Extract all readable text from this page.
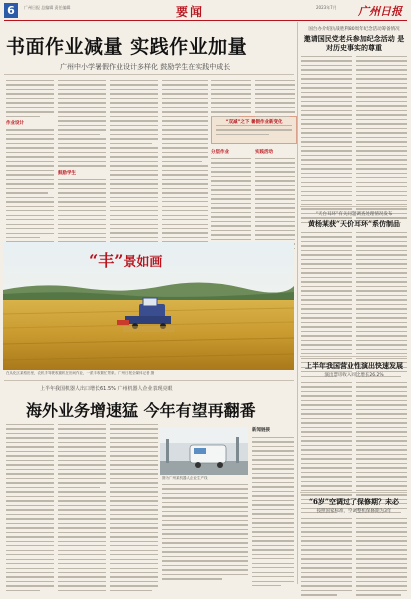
6	广州日报 总编辑 责任编辑	要闻	2023年7月	广州日报
书面作业减量 实践作业加量
广州中小学暑假作业设计多样化 鼓励学生在实践中成长
作业设计
鼓励学生
“双减”之下 暑假作业新变化
分层作业	实践活动
“丰”景如画
在从化区某稻田里，农机手驾驶收割机在田间作业，一派丰收繁忙景象。广州日报全媒体记者 摄
上半年我国机器人出口增长61.5% 广州机器人企业表现亮眼
海外业务增速猛 今年有望再翻番
图为广州某机器人企业生产线
新闻链接
国台办介绍抗战胜利80周年纪念活动筹备情况
邀请国民党老兵参加纪念活动 是对历史事实的尊重
“天台耳环”有关问题调查处理情况发布
黄杨某获“天价耳环”系仿制品
上半年我国营业性演出快速发展
演出票房收入同比增长26.2%
“6岁”空调过了保修期？未必
按照国家标准，空调整机保修期为3年
